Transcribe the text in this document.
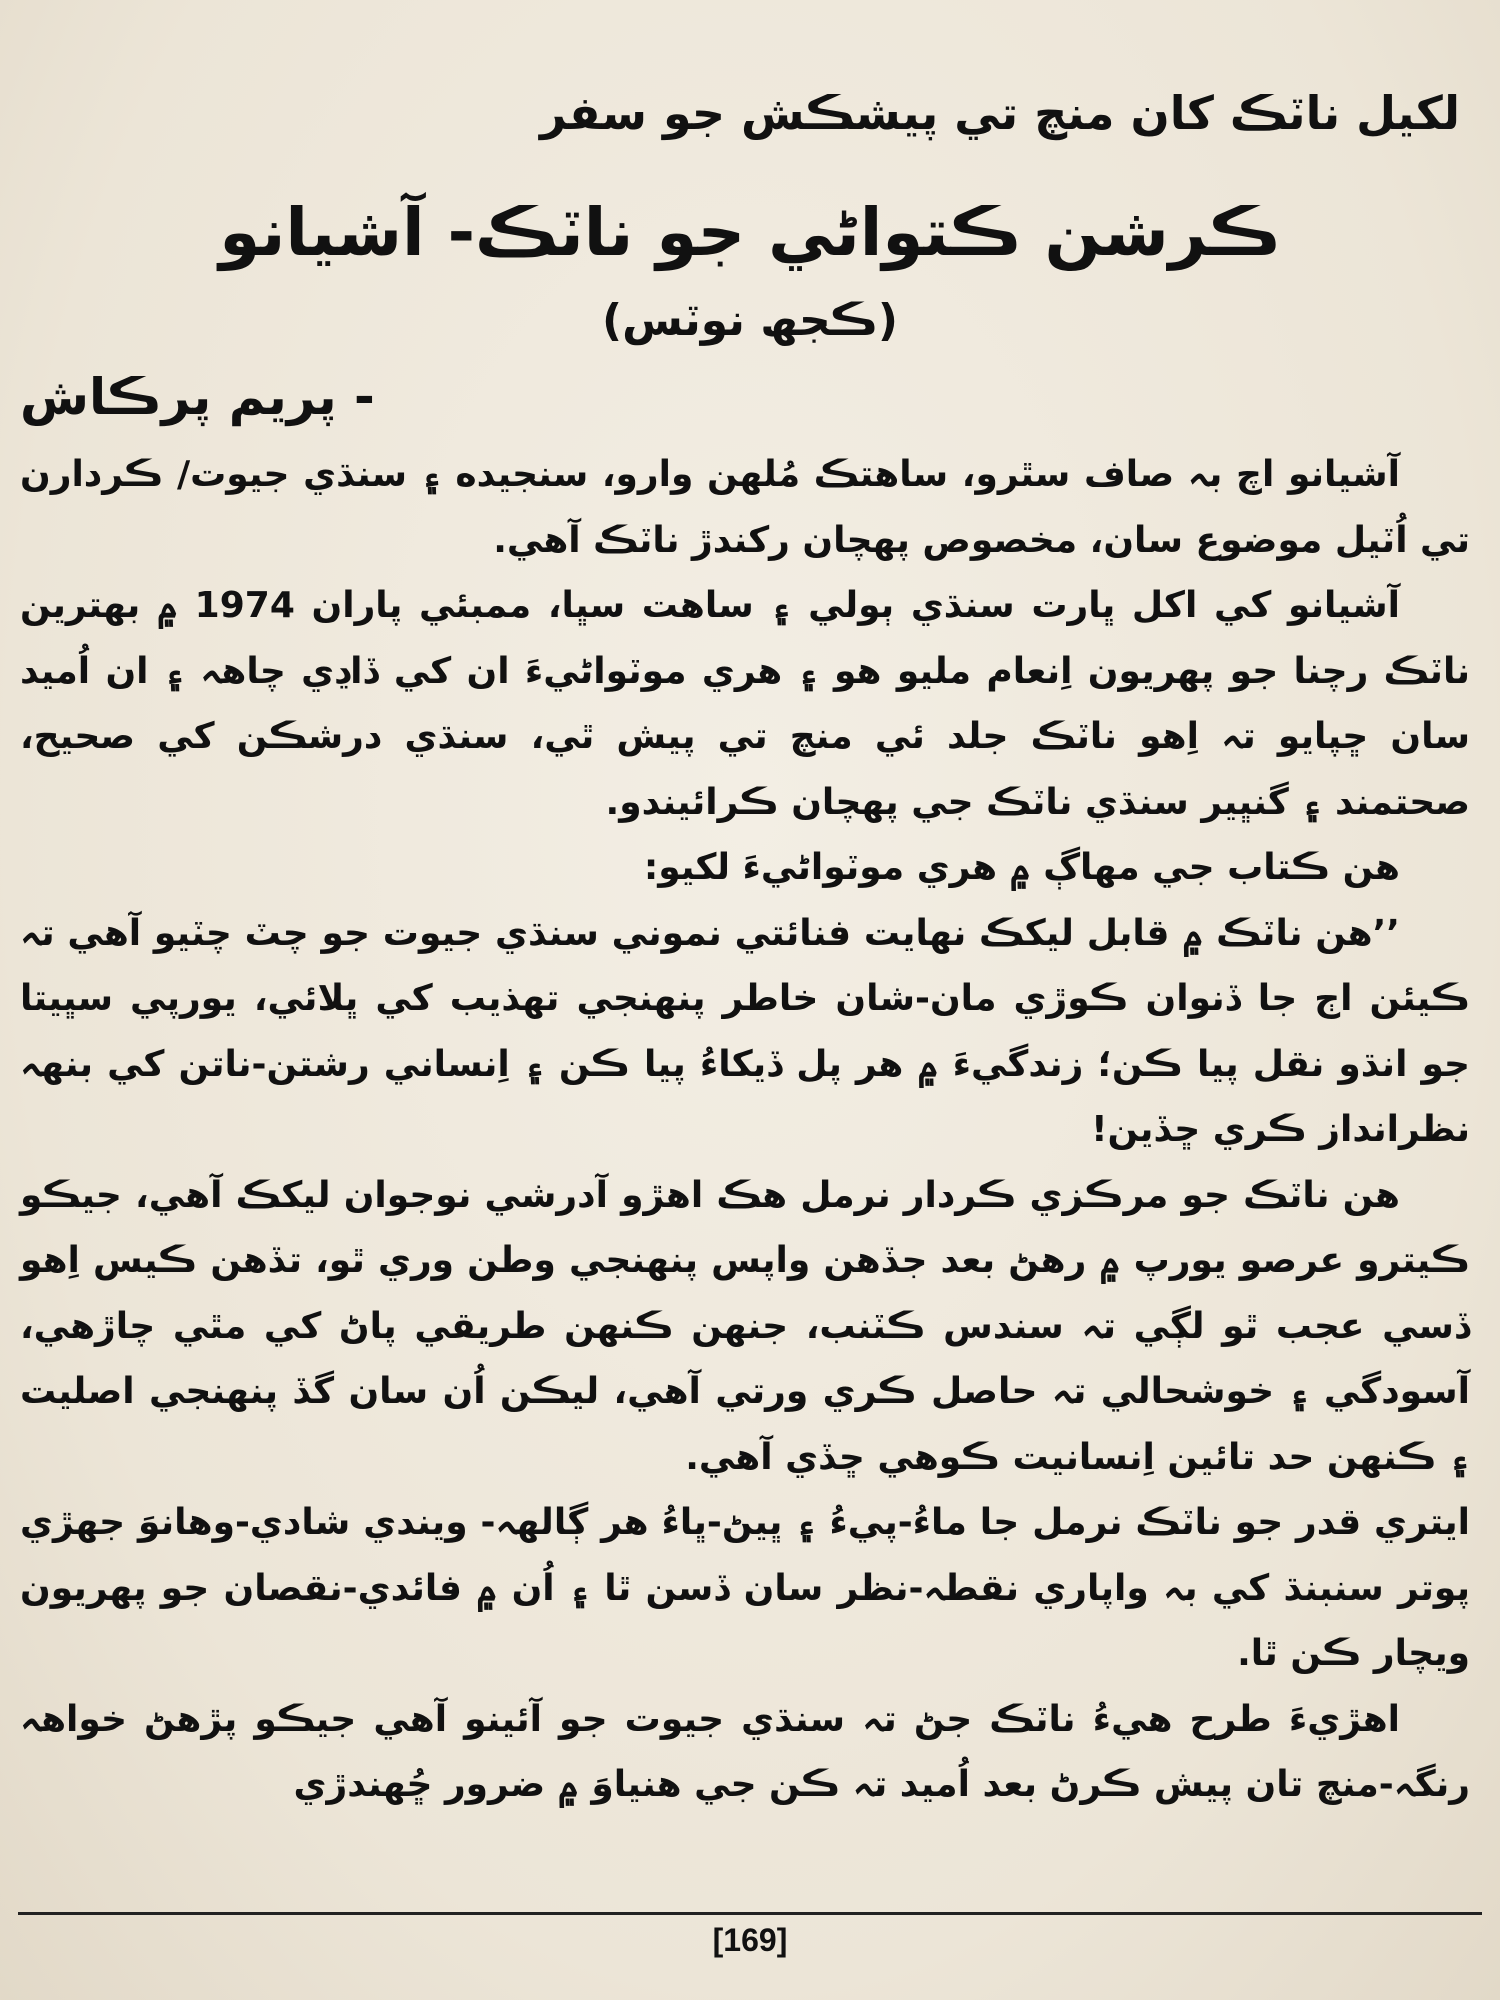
لکيل ناٽڪ کان منچ تي پيشڪش جو سفر
ڪرشن ڪتواڻي جو ناٽڪ- آشيانو
(ڪجھ نوٽس)
- پريم پرڪاش

آشيانو اچ بہ صاف سٿرو، ساهتڪ مُلهن وارو، سنجيده ۽ سنڌي جيوت/ ڪردارن تي اُٽيل موضوع سان، مخصوص پهچان رکندڙ ناٽڪ آهي.

آشيانو کي اکل ڀارت سنڌي ٻولي ۽ ساهت سڀا، ممبئي پاران 1974 ۾ بهترين ناٽڪ رچنا جو پهريون اِنعام مليو هو ۽ هري موٽواڻيءَ ان کي ڏاڍي چاهہ ۽ ان اُميد سان ڇپايو تہ اِهو ناٽڪ جلد ئي منچ تي پيش ٿي، سنڌي درشڪن کي صحيح، صحتمند ۽ گنڀير سنڌي ناٽڪ جي پهچان ڪرائيندو.

هن ڪتاب جي مهاڳ ۾ هري موٽواڻيءَ لکيو:

’’هن ناٽڪ ۾ قابل ليکڪ نهايت فنائتي نموني سنڌي جيوت جو چٽ چٽيو آهي تہ ڪيئن اڄ جا ڏنوان ڪوڙي مان-شان خاطر پنهنجي تهذيب کي ڀلائي، يورپي سڀيتا جو انڌو نقل پيا ڪن؛ زندگيءَ ۾ هر پل ڏيکاءُ پيا ڪن ۽ اِنساني رشتن-ناتن کي بنهہ نظرانداز ڪري ڇڏين!

هن ناٽڪ جو مرڪزي ڪردار نرمل هڪ اهڙو آدرشي نوجوان ليکڪ آهي، جيڪو ڪيترو عرصو يورپ ۾ رهڻ بعد جڏهن واپس پنهنجي وطن وري ٿو، تڏهن ڪيس اِهو ڏسي عجب ٿو لڳي تہ سندس ڪٽنب، جنهن ڪنهن طريقي پاڻ کي مٿي چاڙهي، آسودگي ۽ خوشحالي تہ حاصل ڪري ورتي آهي، ليڪن اُن سان گڏ پنهنجي اصليت ۽ ڪنهن حد تائين اِنسانيت ڪوهي ڇڏي آهي.

ايتري قدر جو ناٽڪ نرمل جا ماءُ-پيءُ ۽ ڀيڻ-ڀاءُ هر ڳالهہ- ويندي شادي-وهانوَ جهڙي پوتر سنبنڌ کي بہ واپاري نقطہ-نظر سان ڏسن ٿا ۽ اُن ۾ فائدي-نقصان جو پهريون ويچار ڪن ٿا.

اهڙيءَ طرح هيءُ ناٽڪ جڻ تہ سنڌي جيوت جو آئينو آهي جيڪو پڙهڻ خواهہ رنگہ-منچ تان پيش ڪرڻ بعد اُميد تہ ڪن جي هنياوَ ۾ ضرور ڇُهندڙي

[169]
